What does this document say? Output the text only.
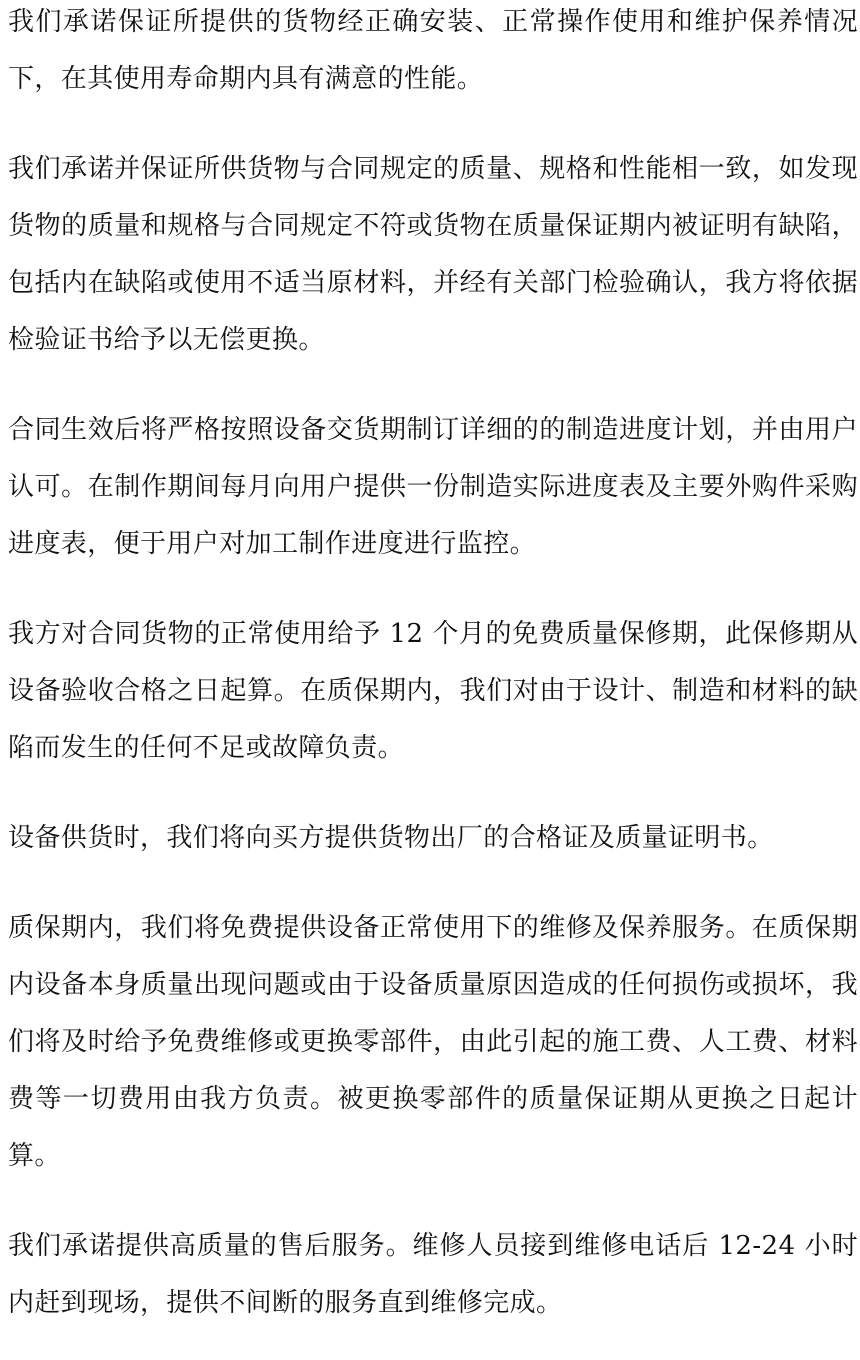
我们承诺保证所提供的货物经正确安装、正常操作使用和维护保养情况下，在其使用寿命期内具有满意的性能。

我们承诺并保证所供货物与合同规定的质量、规格和性能相一致，如发现货物的质量和规格与合同规定不符或货物在质量保证期内被证明有缺陷，包括内在缺陷或使用不适当原材料，并经有关部门检验确认，我方将依据检验证书给予以无偿更换。

合同生效后将严格按照设备交货期制订详细的的制造进度计划，并由用户认可。在制作期间每月向用户提供一份制造实际进度表及主要外购件采购进度表，便于用户对加工制作进度进行监控。

我方对合同货物的正常使用给予 12 个月的免费质量保修期，此保修期从设备验收合格之日起算。在质保期内，我们对由于设计、制造和材料的缺陷而发生的任何不足或故障负责。

设备供货时，我们将向买方提供货物出厂的合格证及质量证明书。

质保期内，我们将免费提供设备正常使用下的维修及保养服务。在质保期内设备本身质量出现问题或由于设备质量原因造成的任何损伤或损坏，我们将及时给予免费维修或更换零部件，由此引起的施工费、人工费、材料费等一切费用由我方负责。被更换零部件的质量保证期从更换之日起计算。

我们承诺提供高质量的售后服务。维修人员接到维修电话后 12-24 小时内赶到现场，提供不间断的服务直到维修完成。
